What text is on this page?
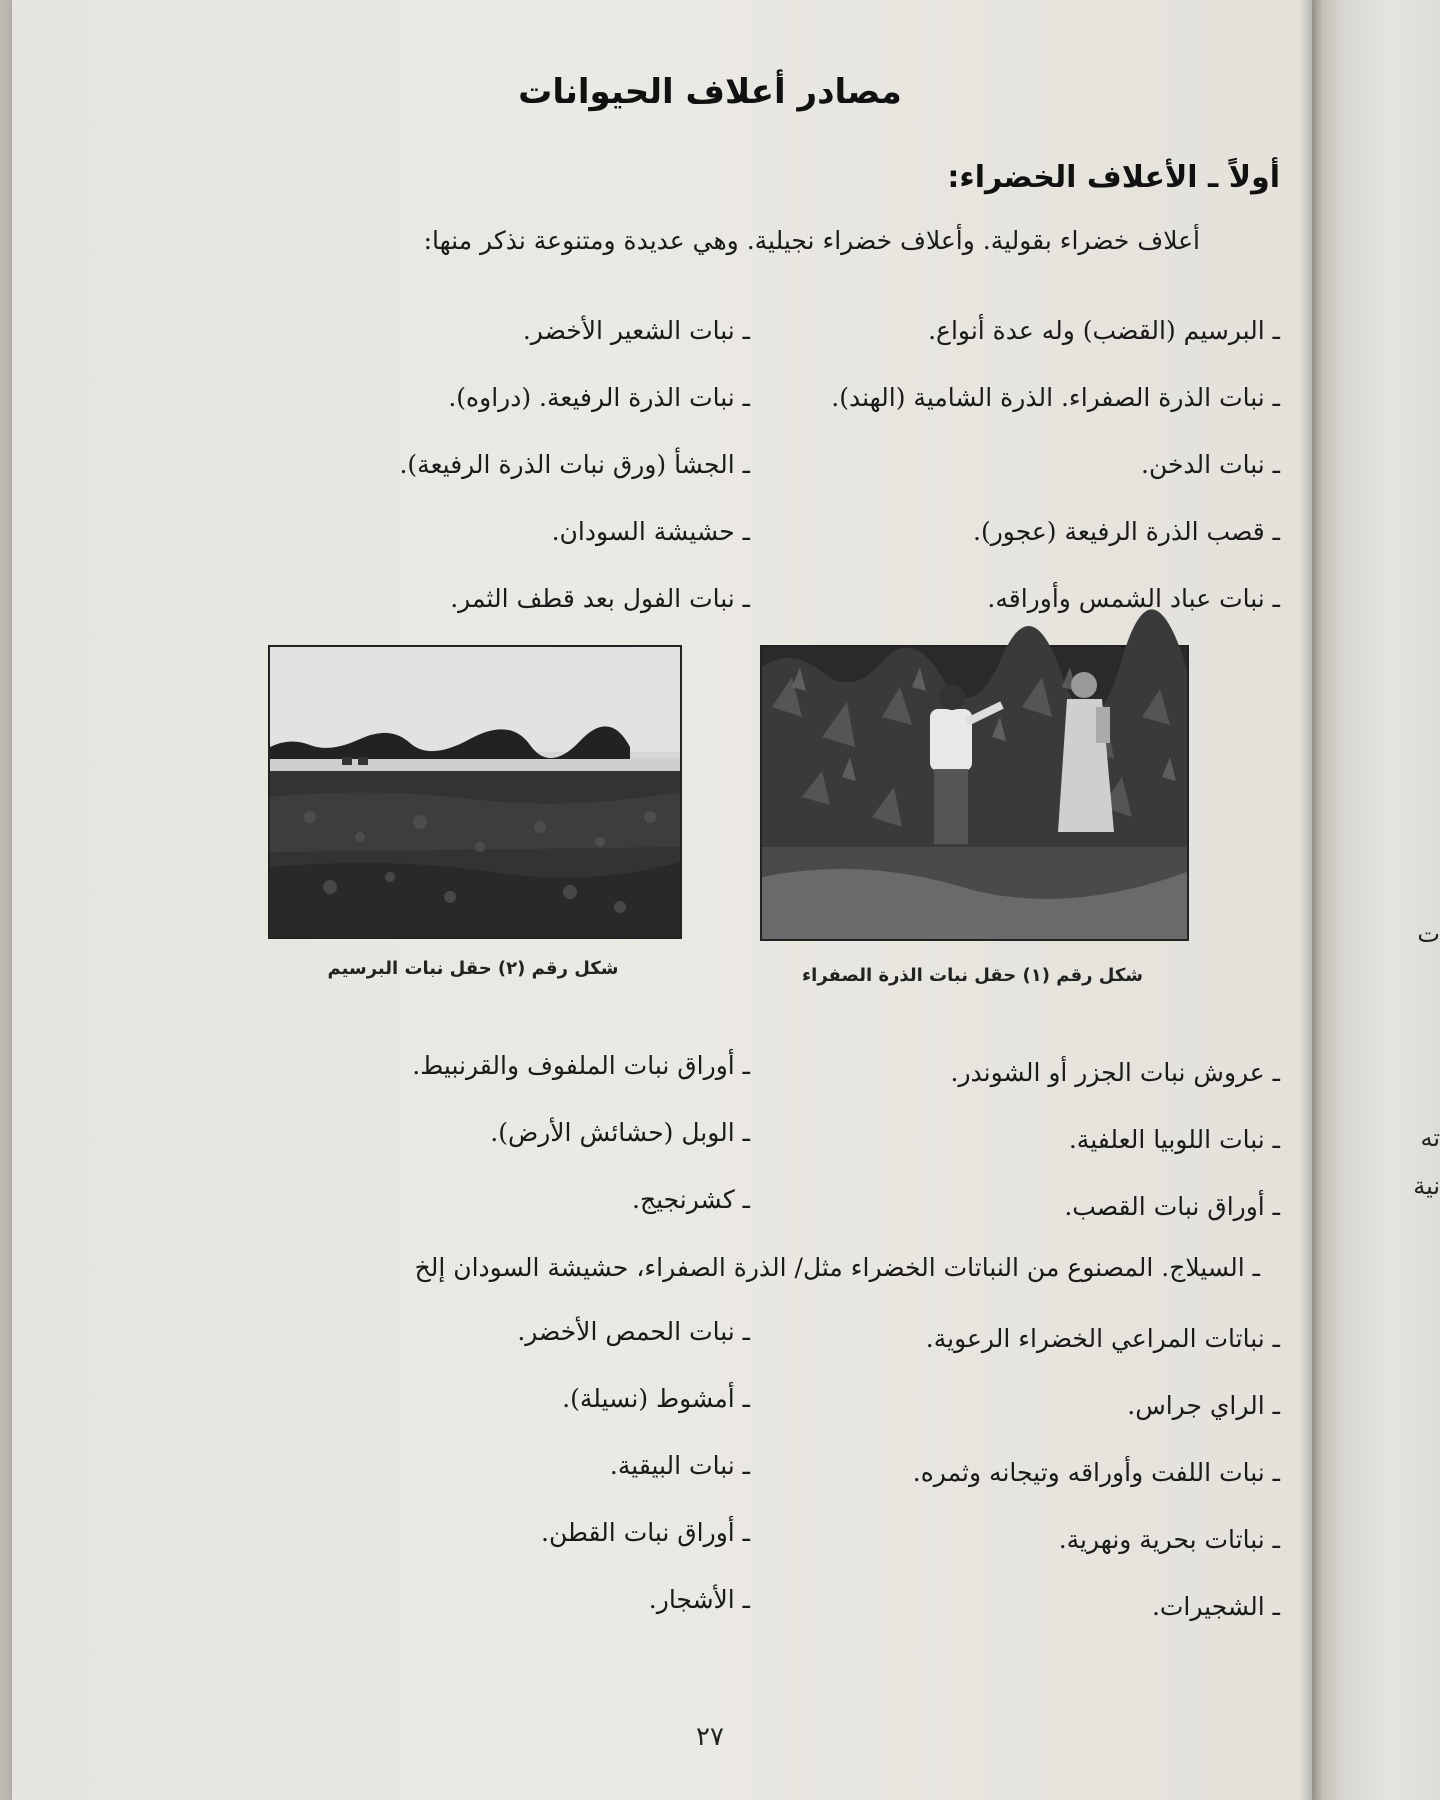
ت
ته
نية
مصادر أعلاف الحيوانات
أولاً ـ الأعلاف الخضراء:
أعلاف خضراء بقولية. وأعلاف خضراء نجيلية. وهي عديدة ومتنوعة نذكر منها:
ـ البرسيم (القضب) وله عدة أنواع.
ـ نبات الذرة الصفراء. الذرة الشامية (الهند).
ـ نبات الدخن.
ـ قصب الذرة الرفيعة (عجور).
ـ نبات عباد الشمس وأوراقه.
ـ نبات الشعير الأخضر.
ـ نبات الذرة الرفيعة. (دراوه).
ـ الجشأ (ورق نبات الذرة الرفيعة).
ـ حشيشة السودان.
ـ نبات الفول بعد قطف الثمر.
شكل رقم (١) حقل نبات الذرة الصفراء
شكل رقم (٢) حقل نبات البرسيم
ـ عروش نبات الجزر أو الشوندر.
ـ نبات اللوبيا العلفية.
ـ أوراق نبات القصب.
ـ أوراق نبات الملفوف والقرنبيط.
ـ الوبل (حشائش الأرض).
ـ كشرنجيج.
ـ السيلاج. المصنوع من النباتات الخضراء مثل/ الذرة الصفراء، حشيشة السودان إلخ
ـ نباتات المراعي الخضراء الرعوية.
ـ الراي جراس.
ـ نبات اللفت وأوراقه وتيجانه وثمره.
ـ نباتات بحرية ونهرية.
ـ الشجيرات.
ـ نبات الحمص الأخضر.
ـ أمشوط (نسيلة).
ـ نبات البيقية.
ـ أوراق نبات القطن.
ـ الأشجار.
٢٧
